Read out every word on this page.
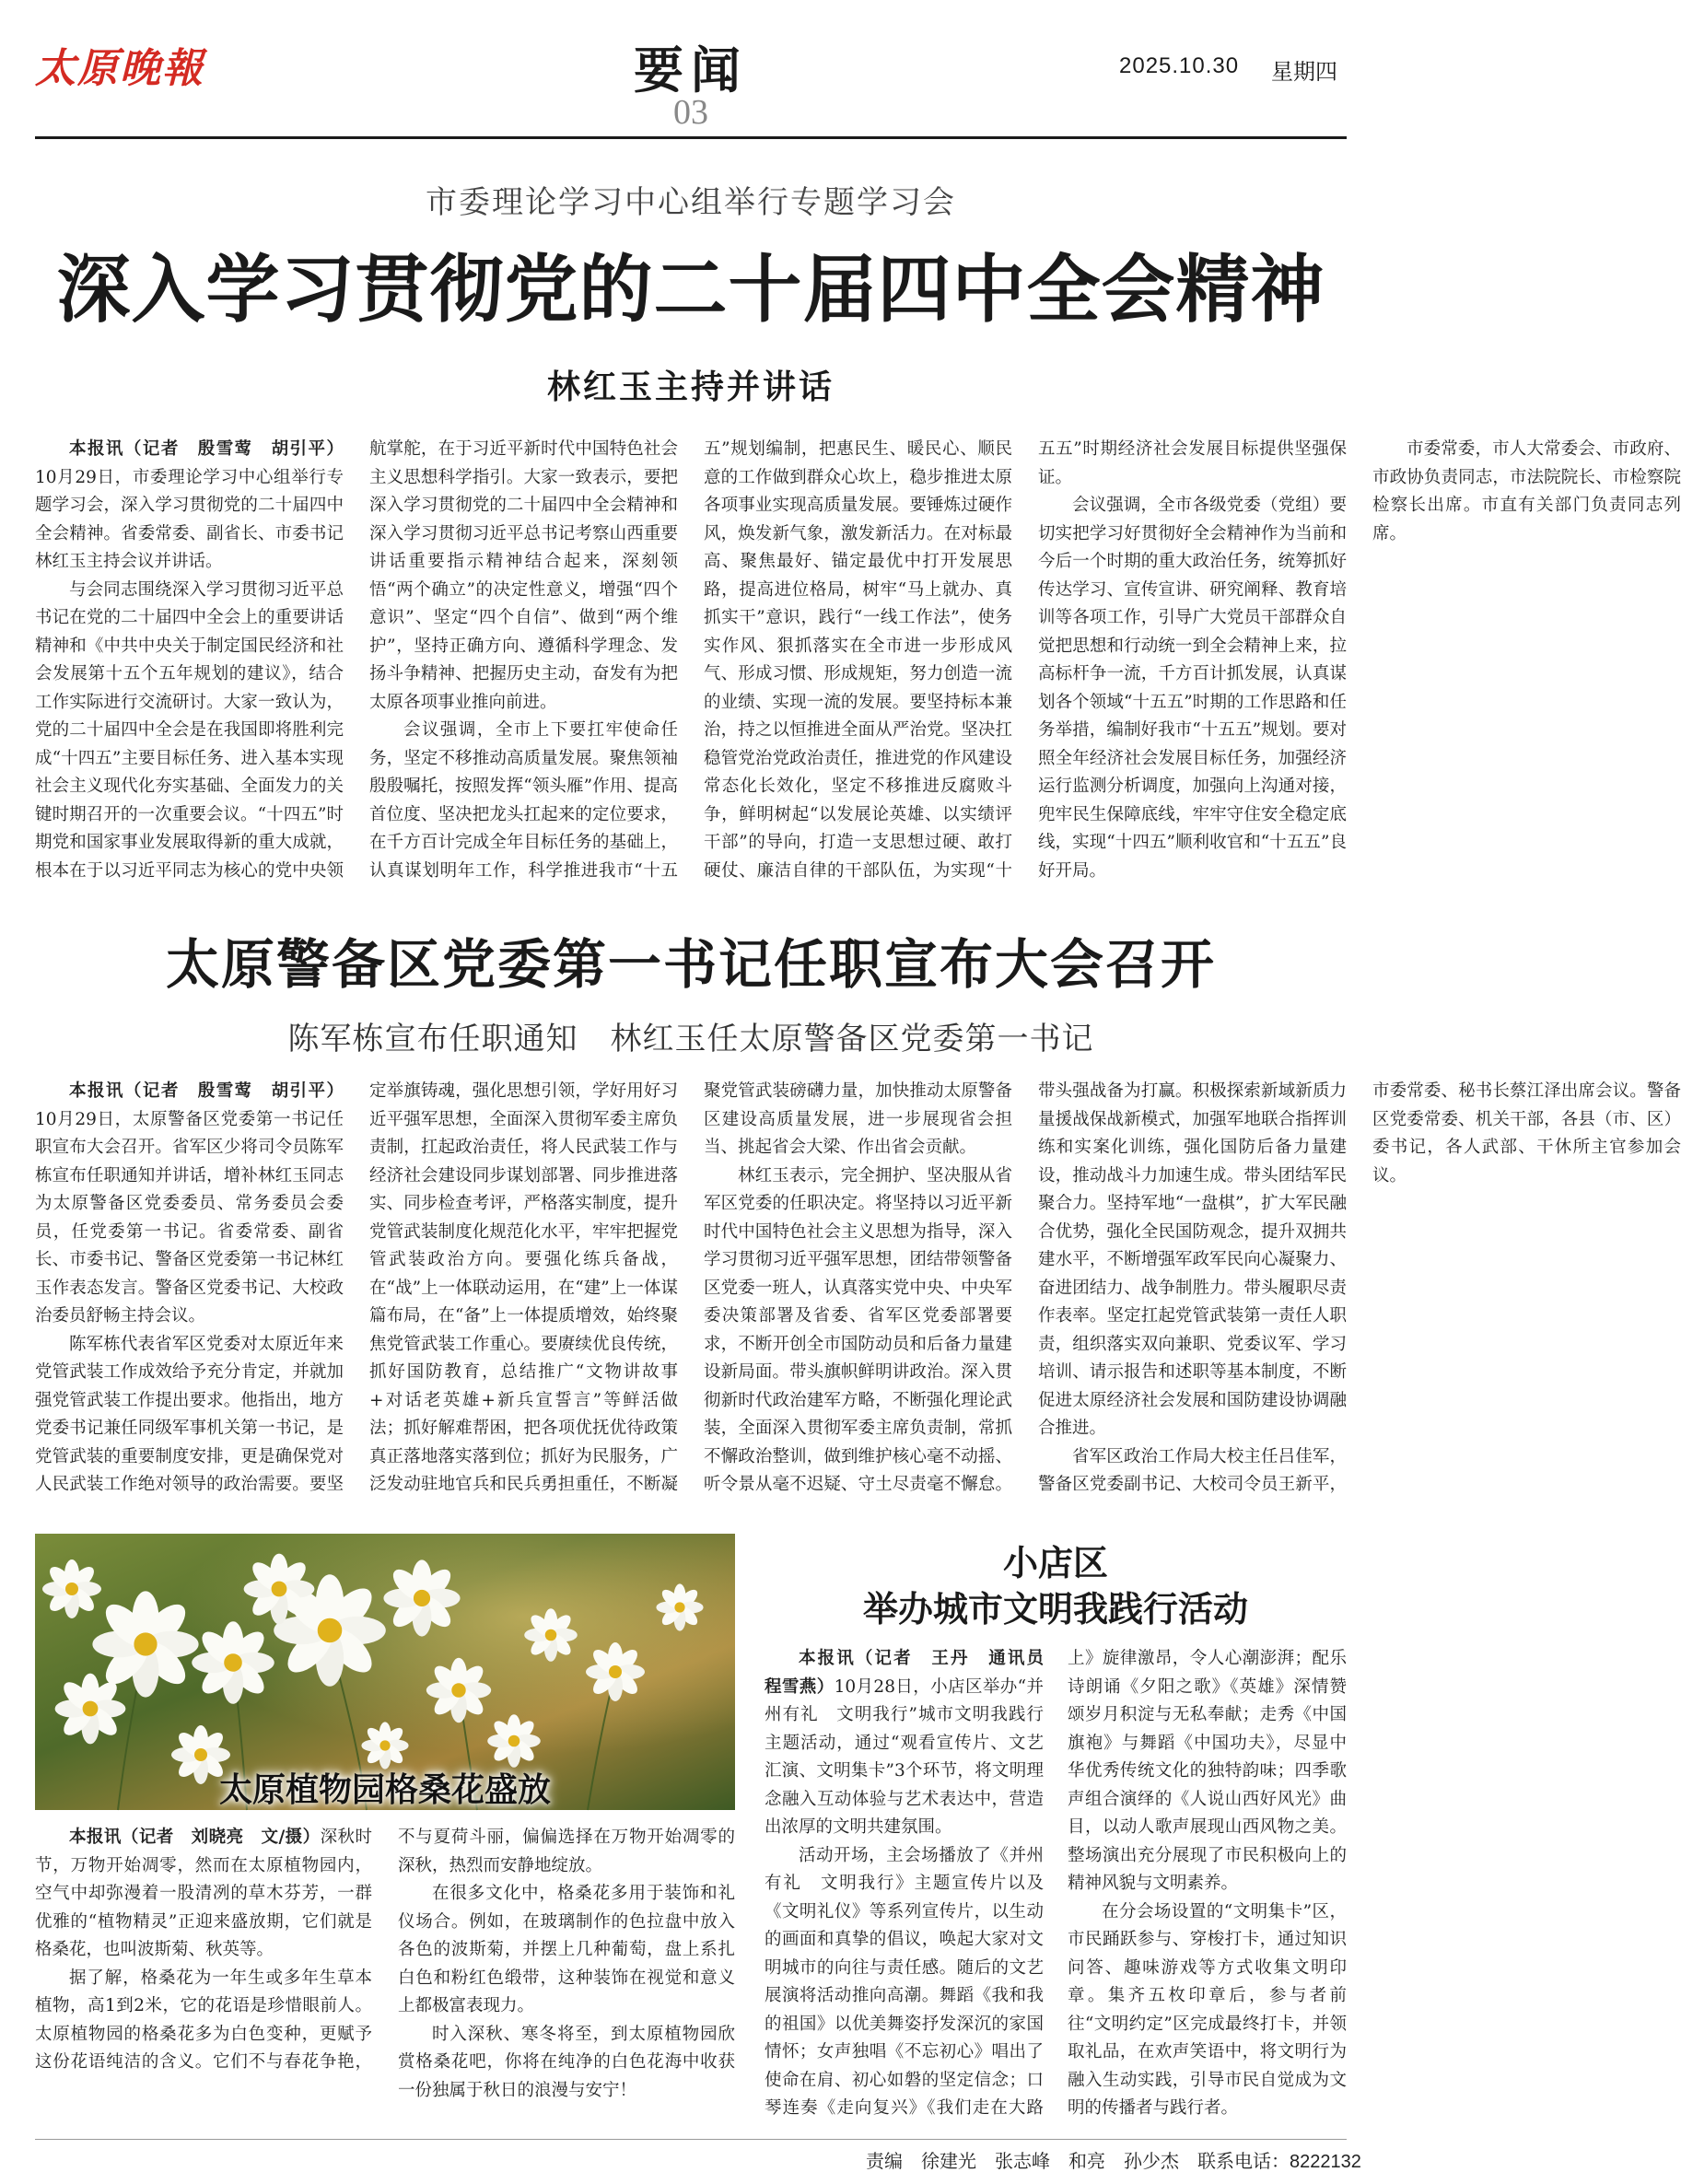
太原晚報	要闻
03
2025.10.30 星期四
市委理论学习中心组举行专题学习会
深入学习贯彻党的二十届四中全会精神
林红玉主持并讲话

本报讯（记者　殷雪莺　胡引平）10月29日，市委理论学习中心组举行专题学习会，深入学习贯彻党的二十届四中全会精神。省委常委、副省长、市委书记林红玉主持会议并讲话。

与会同志围绕深入学习贯彻习近平总书记在党的二十届四中全会上的重要讲话精神和《中共中央关于制定国民经济和社会发展第十五个五年规划的建议》，结合工作实际进行交流研讨。大家一致认为，党的二十届四中全会是在我国即将胜利完成“十四五”主要目标任务、进入基本实现社会主义现代化夯实基础、全面发力的关键时期召开的一次重要会议。“十四五”时期党和国家事业发展取得新的重大成就，根本在于以习近平同志为核心的党中央领航掌舵，在于习近平新时代中国特色社会主义思想科学指引。大家一致表示，要把深入学习贯彻党的二十届四中全会精神和深入学习贯彻习近平总书记考察山西重要讲话重要指示精神结合起来，深刻领悟“两个确立”的决定性意义，增强“四个意识”、坚定“四个自信”、做到“两个维护”，坚持正确方向、遵循科学理念、发扬斗争精神、把握历史主动，奋发有为把太原各项事业推向前进。

会议强调，全市上下要扛牢使命任务，坚定不移推动高质量发展。聚焦领袖殷殷嘱托，按照发挥“领头雁”作用、提高首位度、坚决把龙头扛起来的定位要求，在千方百计完成全年目标任务的基础上，认真谋划明年工作，科学推进我市“十五五”规划编制，把惠民生、暖民心、顺民意的工作做到群众心坎上，稳步推进太原各项事业实现高质量发展。要锤炼过硬作风，焕发新气象，激发新活力。在对标最高、聚焦最好、锚定最优中打开发展思路，提高进位格局，树牢“马上就办、真抓实干”意识，践行“一线工作法”，使务实作风、狠抓落实在全市进一步形成风气、形成习惯、形成规矩，努力创造一流的业绩、实现一流的发展。要坚持标本兼治，持之以恒推进全面从严治党。坚决扛稳管党治党政治责任，推进党的作风建设常态化长效化，坚定不移推进反腐败斗争，鲜明树起“以发展论英雄、以实绩评干部”的导向，打造一支思想过硬、敢打硬仗、廉洁自律的干部队伍，为实现“十五五”时期经济社会发展目标提供坚强保证。

会议强调，全市各级党委（党组）要切实把学习好贯彻好全会精神作为当前和今后一个时期的重大政治任务，统筹抓好传达学习、宣传宣讲、研究阐释、教育培训等各项工作，引导广大党员干部群众自觉把思想和行动统一到全会精神上来，拉高标杆争一流，千方百计抓发展，认真谋划各个领域“十五五”时期的工作思路和任务举措，编制好我市“十五五”规划。要对照全年经济社会发展目标任务，加强经济运行监测分析调度，加强向上沟通对接，兜牢民生保障底线，牢牢守住安全稳定底线，实现“十四五”顺利收官和“十五五”良好开局。

市委常委，市人大常委会、市政府、市政协负责同志，市法院院长、市检察院检察长出席。市直有关部门负责同志列席。

太原警备区党委第一书记任职宣布大会召开
陈军栋宣布任职通知　林红玉任太原警备区党委第一书记

本报讯（记者　殷雪莺　胡引平）10月29日，太原警备区党委第一书记任职宣布大会召开。省军区少将司令员陈军栋宣布任职通知并讲话，增补林红玉同志为太原警备区党委委员、常务委员会委员，任党委第一书记。省委常委、副省长、市委书记、警备区党委第一书记林红玉作表态发言。警备区党委书记、大校政治委员舒畅主持会议。

陈军栋代表省军区党委对太原近年来党管武装工作成效给予充分肯定，并就加强党管武装工作提出要求。他指出，地方党委书记兼任同级军事机关第一书记，是党管武装的重要制度安排，更是确保党对人民武装工作绝对领导的政治需要。要坚定举旗铸魂，强化思想引领，学好用好习近平强军思想，全面深入贯彻军委主席负责制，扛起政治责任，将人民武装工作与经济社会建设同步谋划部署、同步推进落实、同步检查考评，严格落实制度，提升党管武装制度化规范化水平，牢牢把握党管武装政治方向。要强化练兵备战，在“战”上一体联动运用，在“建”上一体谋篇布局，在“备”上一体提质增效，始终聚焦党管武装工作重心。要赓续优良传统，抓好国防教育，总结推广“文物讲故事+对话老英雄+新兵宣誓言”等鲜活做法；抓好解难帮困，把各项优抚优待政策真正落地落实落到位；抓好为民服务，广泛发动驻地官兵和民兵勇担重任，不断凝聚党管武装磅礴力量，加快推动太原警备区建设高质量发展，进一步展现省会担当、挑起省会大梁、作出省会贡献。

林红玉表示，完全拥护、坚决服从省军区党委的任职决定。将坚持以习近平新时代中国特色社会主义思想为指导，深入学习贯彻习近平强军思想，团结带领警备区党委一班人，认真落实党中央、中央军委决策部署及省委、省军区党委部署要求，不断开创全市国防动员和后备力量建设新局面。带头旗帜鲜明讲政治。深入贯彻新时代政治建军方略，不断强化理论武装，全面深入贯彻军委主席负责制，常抓不懈政治整训，做到维护核心毫不动摇、听令景从毫不迟疑、守土尽责毫不懈怠。带头强战备为打赢。积极探索新域新质力量援战保战新模式，加强军地联合指挥训练和实案化训练，强化国防后备力量建设，推动战斗力加速生成。带头团结军民聚合力。坚持军地“一盘棋”，扩大军民融合优势，强化全民国防观念，提升双拥共建水平，不断增强军政军民向心凝聚力、奋进团结力、战争制胜力。带头履职尽责作表率。坚定扛起党管武装第一责任人职责，组织落实双向兼职、党委议军、学习培训、请示报告和述职等基本制度，不断促进太原经济社会发展和国防建设协调融合推进。

省军区政治工作局大校主任吕佳军，警备区党委副书记、大校司令员王新平，市委常委、秘书长蔡江泽出席会议。警备区党委常委、机关干部，各县（市、区）委书记，各人武部、干休所主官参加会议。

太原植物园格桑花盛放

本报讯（记者　刘晓亮　文/摄）深秋时节，万物开始凋零，然而在太原植物园内，空气中却弥漫着一股清冽的草木芬芳，一群优雅的“植物精灵”正迎来盛放期，它们就是格桑花，也叫波斯菊、秋英等。

据了解，格桑花为一年生或多年生草本植物，高1到2米，它的花语是珍惜眼前人。太原植物园的格桑花多为白色变种，更赋予这份花语纯洁的含义。它们不与春花争艳，不与夏荷斗丽，偏偏选择在万物开始凋零的深秋，热烈而安静地绽放。

在很多文化中，格桑花多用于装饰和礼仪场合。例如，在玻璃制作的色拉盘中放入各色的波斯菊，并摆上几种葡萄，盘上系扎白色和粉红色缎带，这种装饰在视觉和意义上都极富表现力。

时入深秋、寒冬将至，到太原植物园欣赏格桑花吧，你将在纯净的白色花海中收获一份独属于秋日的浪漫与安宁！

小店区
举办城市文明我践行活动

本报讯（记者　王丹　通讯员　程雪燕）10月28日，小店区举办“并州有礼　文明我行”城市文明我践行主题活动，通过“观看宣传片、文艺汇演、文明集卡”3个环节，将文明理念融入互动体验与艺术表达中，营造出浓厚的文明共建氛围。

活动开场，主会场播放了《并州有礼　文明我行》主题宣传片以及《文明礼仪》等系列宣传片，以生动的画面和真挚的倡议，唤起大家对文明城市的向往与责任感。随后的文艺展演将活动推向高潮。舞蹈《我和我的祖国》以优美舞姿抒发深沉的家国情怀；女声独唱《不忘初心》唱出了使命在肩、初心如磐的坚定信念；口琴连奏《走向复兴》《我们走在大路上》旋律激昂，令人心潮澎湃；配乐诗朗诵《夕阳之歌》《英雄》深情赞颂岁月积淀与无私奉献；走秀《中国旗袍》与舞蹈《中国功夫》，尽显中华优秀传统文化的独特韵味；四季歌声组合演绎的《人说山西好风光》曲目，以动人歌声展现山西风物之美。整场演出充分展现了市民积极向上的精神风貌与文明素养。

在分会场设置的“文明集卡”区，市民踊跃参与、穿梭打卡，通过知识问答、趣味游戏等方式收集文明印章。集齐五枚印章后，参与者前往“文明约定”区完成最终打卡，并领取礼品，在欢声笑语中，将文明行为融入生动实践，引导市民自觉成为文明的传播者与践行者。

责编　徐建光　张志峰　和亮　孙少杰　联系电话：8222132
